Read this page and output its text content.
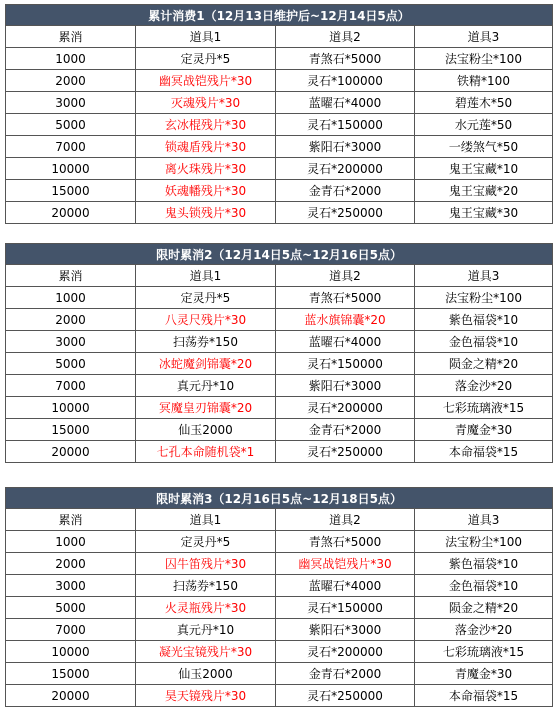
累计消费1（12月13日维护后~12月14日5点）			
累消	道具1	道具2	道具3
1000	定灵丹*5	青煞石*5000	法宝粉尘*100
2000	幽冥战铠残片*30	灵石*100000	铁精*100
3000	灭魂残片*30	蓝曜石*4000	碧莲木*50
5000	玄冰棍残片*30	灵石*150000	水元莲*50
7000	锁魂盾残片*30	紫阳石*3000	一缕煞气*50
10000	离火珠残片*30	灵石*200000	鬼王宝藏*10
15000	妖魂幡残片*30	金青石*2000	鬼王宝藏*20
20000	鬼头锁残片*30	灵石*250000	鬼王宝藏*30
限时累消2（12月14日5点~12月16日5点）			
累消	道具1	道具2	道具3
1000	定灵丹*5	青煞石*5000	法宝粉尘*100
2000	八灵尺残片*30	蓝水旗锦囊*20	紫色福袋*10
3000	扫荡券*150	蓝曜石*4000	金色福袋*10
5000	冰蛇魔剑锦囊*20	灵石*150000	陨金之精*20
7000	真元丹*10	紫阳石*3000	落金沙*20
10000	冥魔皇刃锦囊*20	灵石*200000	七彩琉璃液*15
15000	仙玉2000	金青石*2000	青魔金*30
20000	七孔本命随机袋*1	灵石*250000	本命福袋*15
限时累消3（12月16日5点~12月18日5点）			
累消	道具1	道具2	道具3
1000	定灵丹*5	青煞石*5000	法宝粉尘*100
2000	囚牛笛残片*30	幽冥战铠残片*30	紫色福袋*10
3000	扫荡券*150	蓝曜石*4000	金色福袋*10
5000	火灵瓶残片*30	灵石*150000	陨金之精*20
7000	真元丹*10	紫阳石*3000	落金沙*20
10000	凝光宝镜残片*30	灵石*200000	七彩琉璃液*15
15000	仙玉2000	金青石*2000	青魔金*30
20000	昊天镜残片*30	灵石*250000	本命福袋*15
